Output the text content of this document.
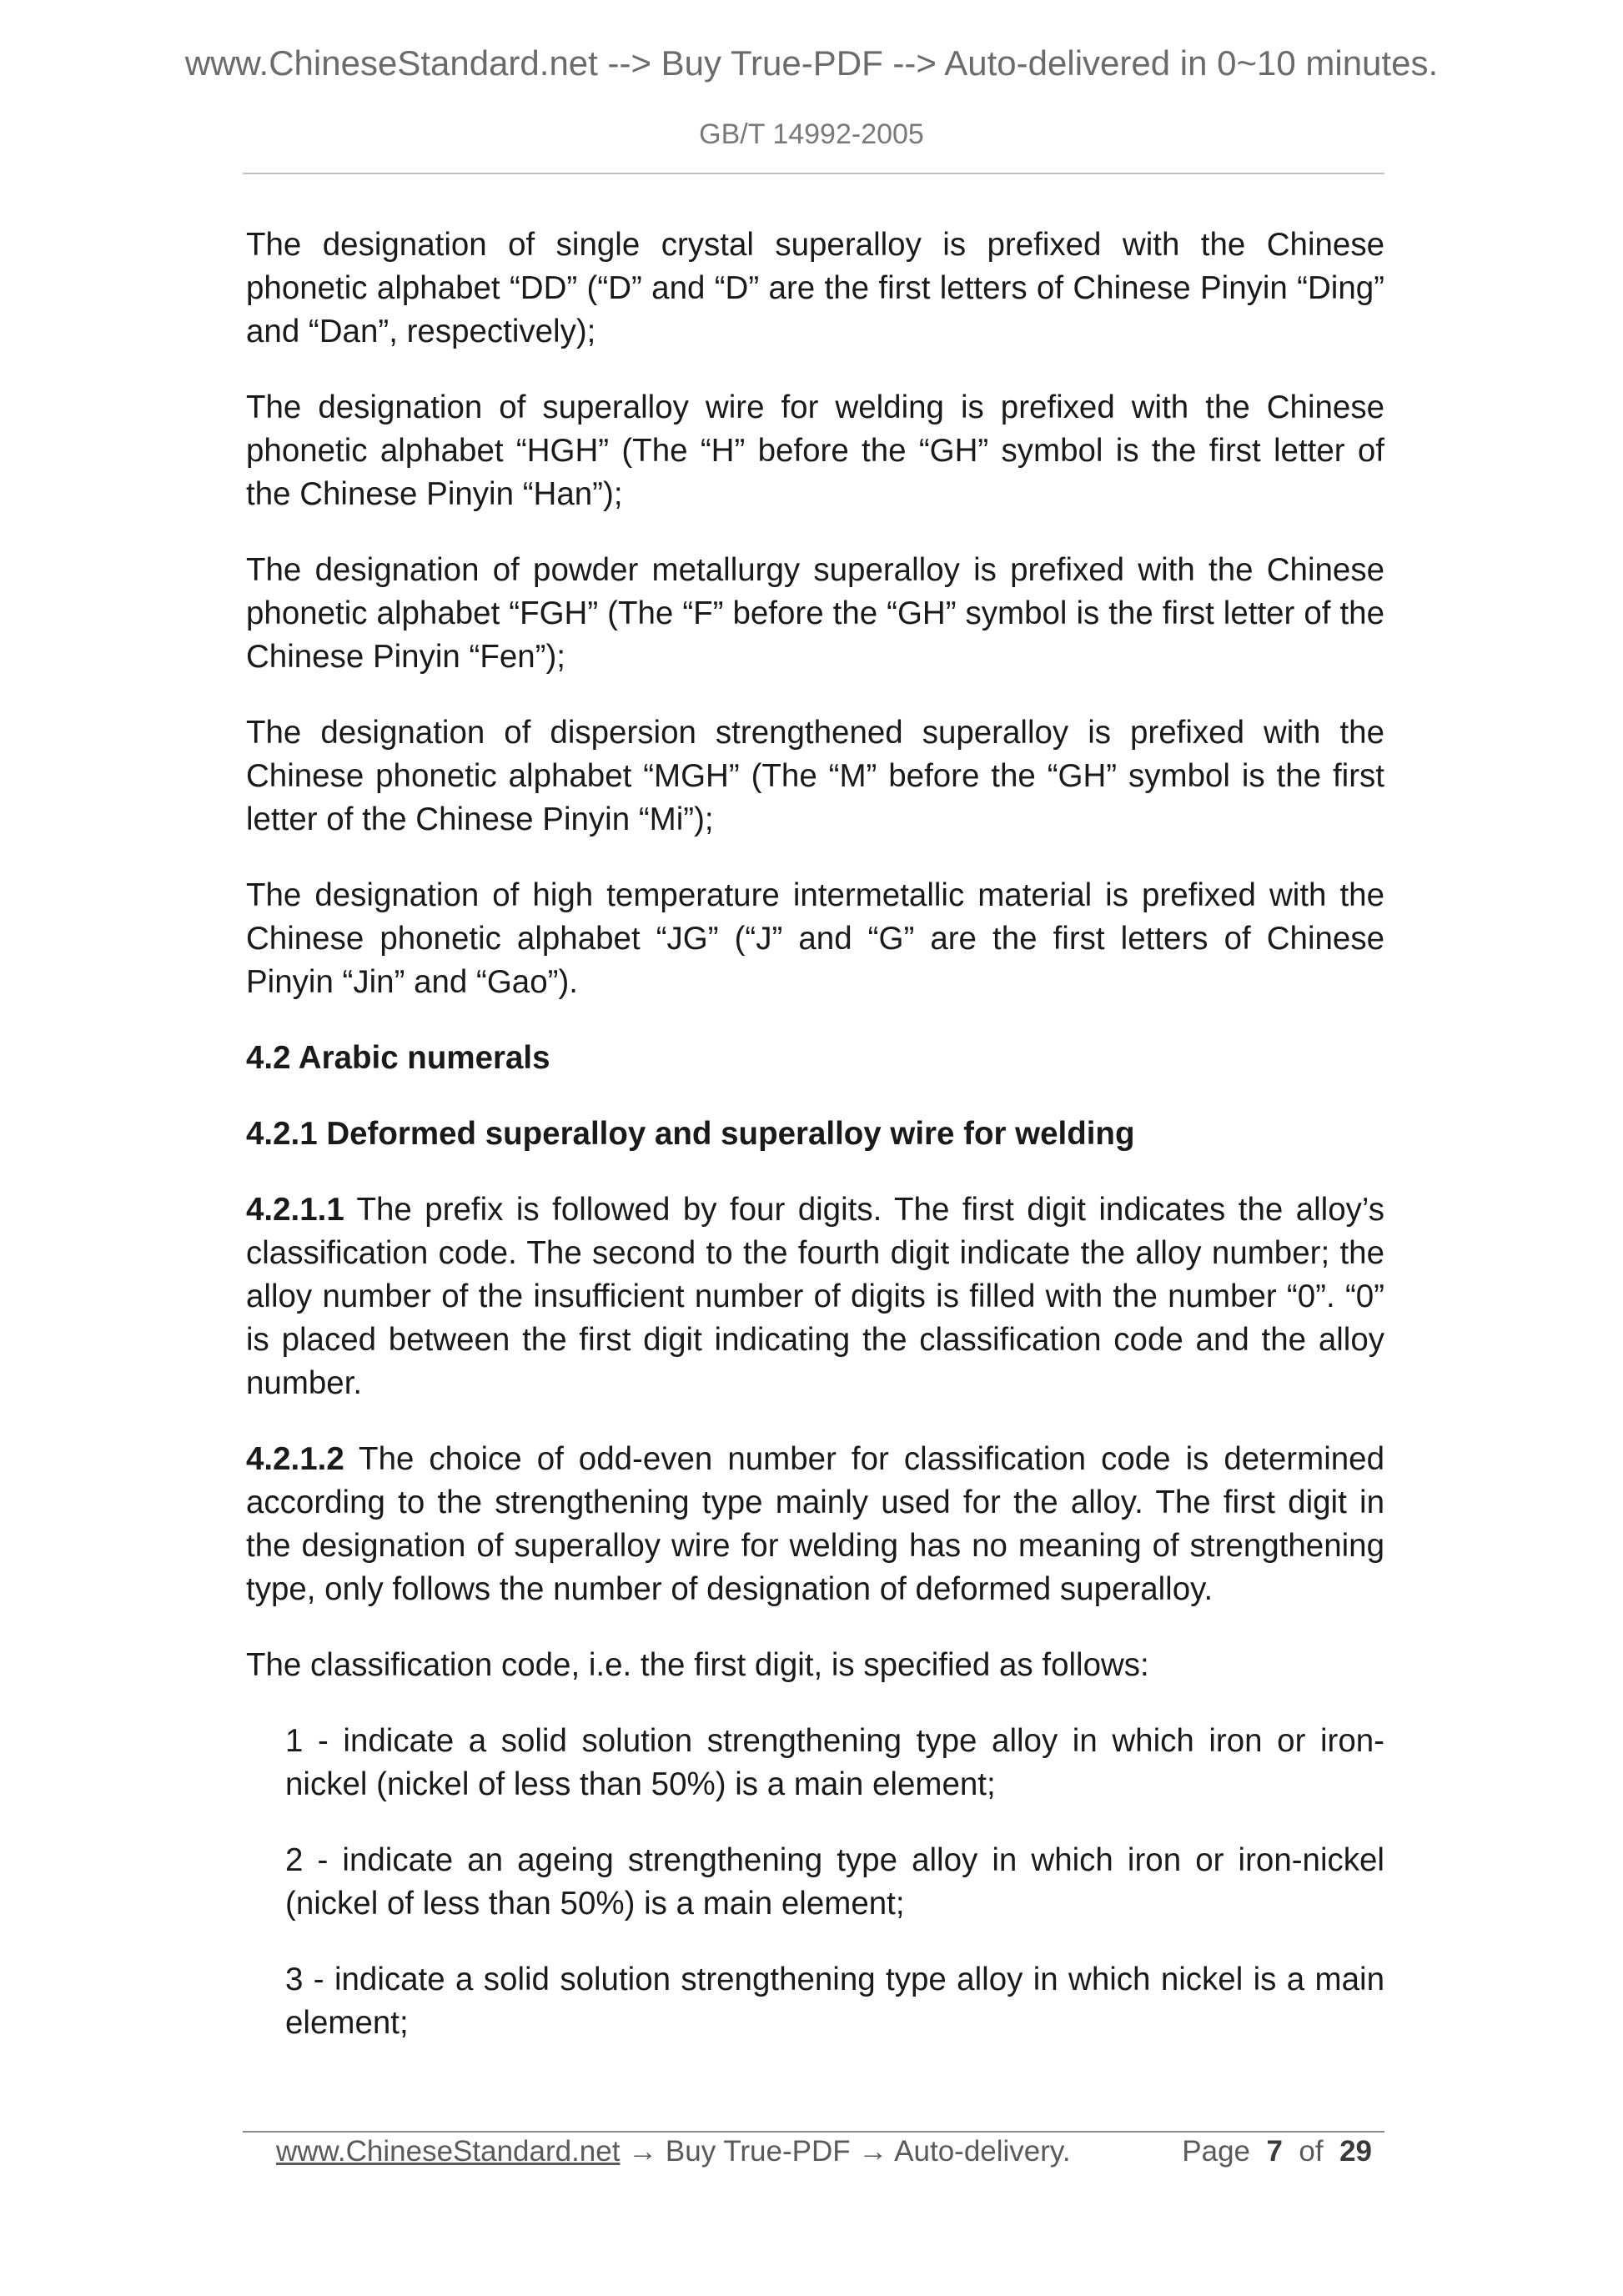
www.ChineseStandard.net --> Buy True-PDF --> Auto-delivered in 0~10 minutes.
GB/T 14992-2005

The designation of single crystal superalloy is prefixed with the Chinese phonetic alphabet “DD” (“D” and “D” are the first letters of Chinese Pinyin “Ding” and “Dan”, respectively);

The designation of superalloy wire for welding is prefixed with the Chinese phonetic alphabet “HGH” (The “H” before the “GH” symbol is the first letter of the Chinese Pinyin “Han”);

The designation of powder metallurgy superalloy is prefixed with the Chinese phonetic alphabet “FGH” (The “F” before the “GH” symbol is the first letter of the Chinese Pinyin “Fen”);

The designation of dispersion strengthened superalloy is prefixed with the Chinese phonetic alphabet “MGH” (The “M” before the “GH” symbol is the first letter of the Chinese Pinyin “Mi”);

The designation of high temperature intermetallic material is prefixed with the Chinese phonetic alphabet “JG” (“J” and “G” are the first letters of Chinese Pinyin “Jin” and “Gao”).

4.2 Arabic numerals
4.2.1 Deformed superalloy and superalloy wire for welding

4.2.1.1 The prefix is followed by four digits. The first digit indicates the alloy’s classification code. The second to the fourth digit indicate the alloy number; the alloy number of the insufficient number of digits is filled with the number “0”. “0” is placed between the first digit indicating the classification code and the alloy number.

4.2.1.2 The choice of odd-even number for classification code is determined according to the strengthening type mainly used for the alloy. The first digit in the designation of superalloy wire for welding has no meaning of strengthening type, only follows the number of designation of deformed superalloy.

The classification code, i.e. the first digit, is specified as follows:

1 - indicate a solid solution strengthening type alloy in which iron or iron-nickel (nickel of less than 50%) is a main element;

2 - indicate an ageing strengthening type alloy in which iron or iron-nickel (nickel of less than 50%) is a main element;

3 - indicate a solid solution strengthening type alloy in which nickel is a main element;

www.ChineseStandard.net → Buy True-PDF → Auto-delivery.	Page 7 of 29
